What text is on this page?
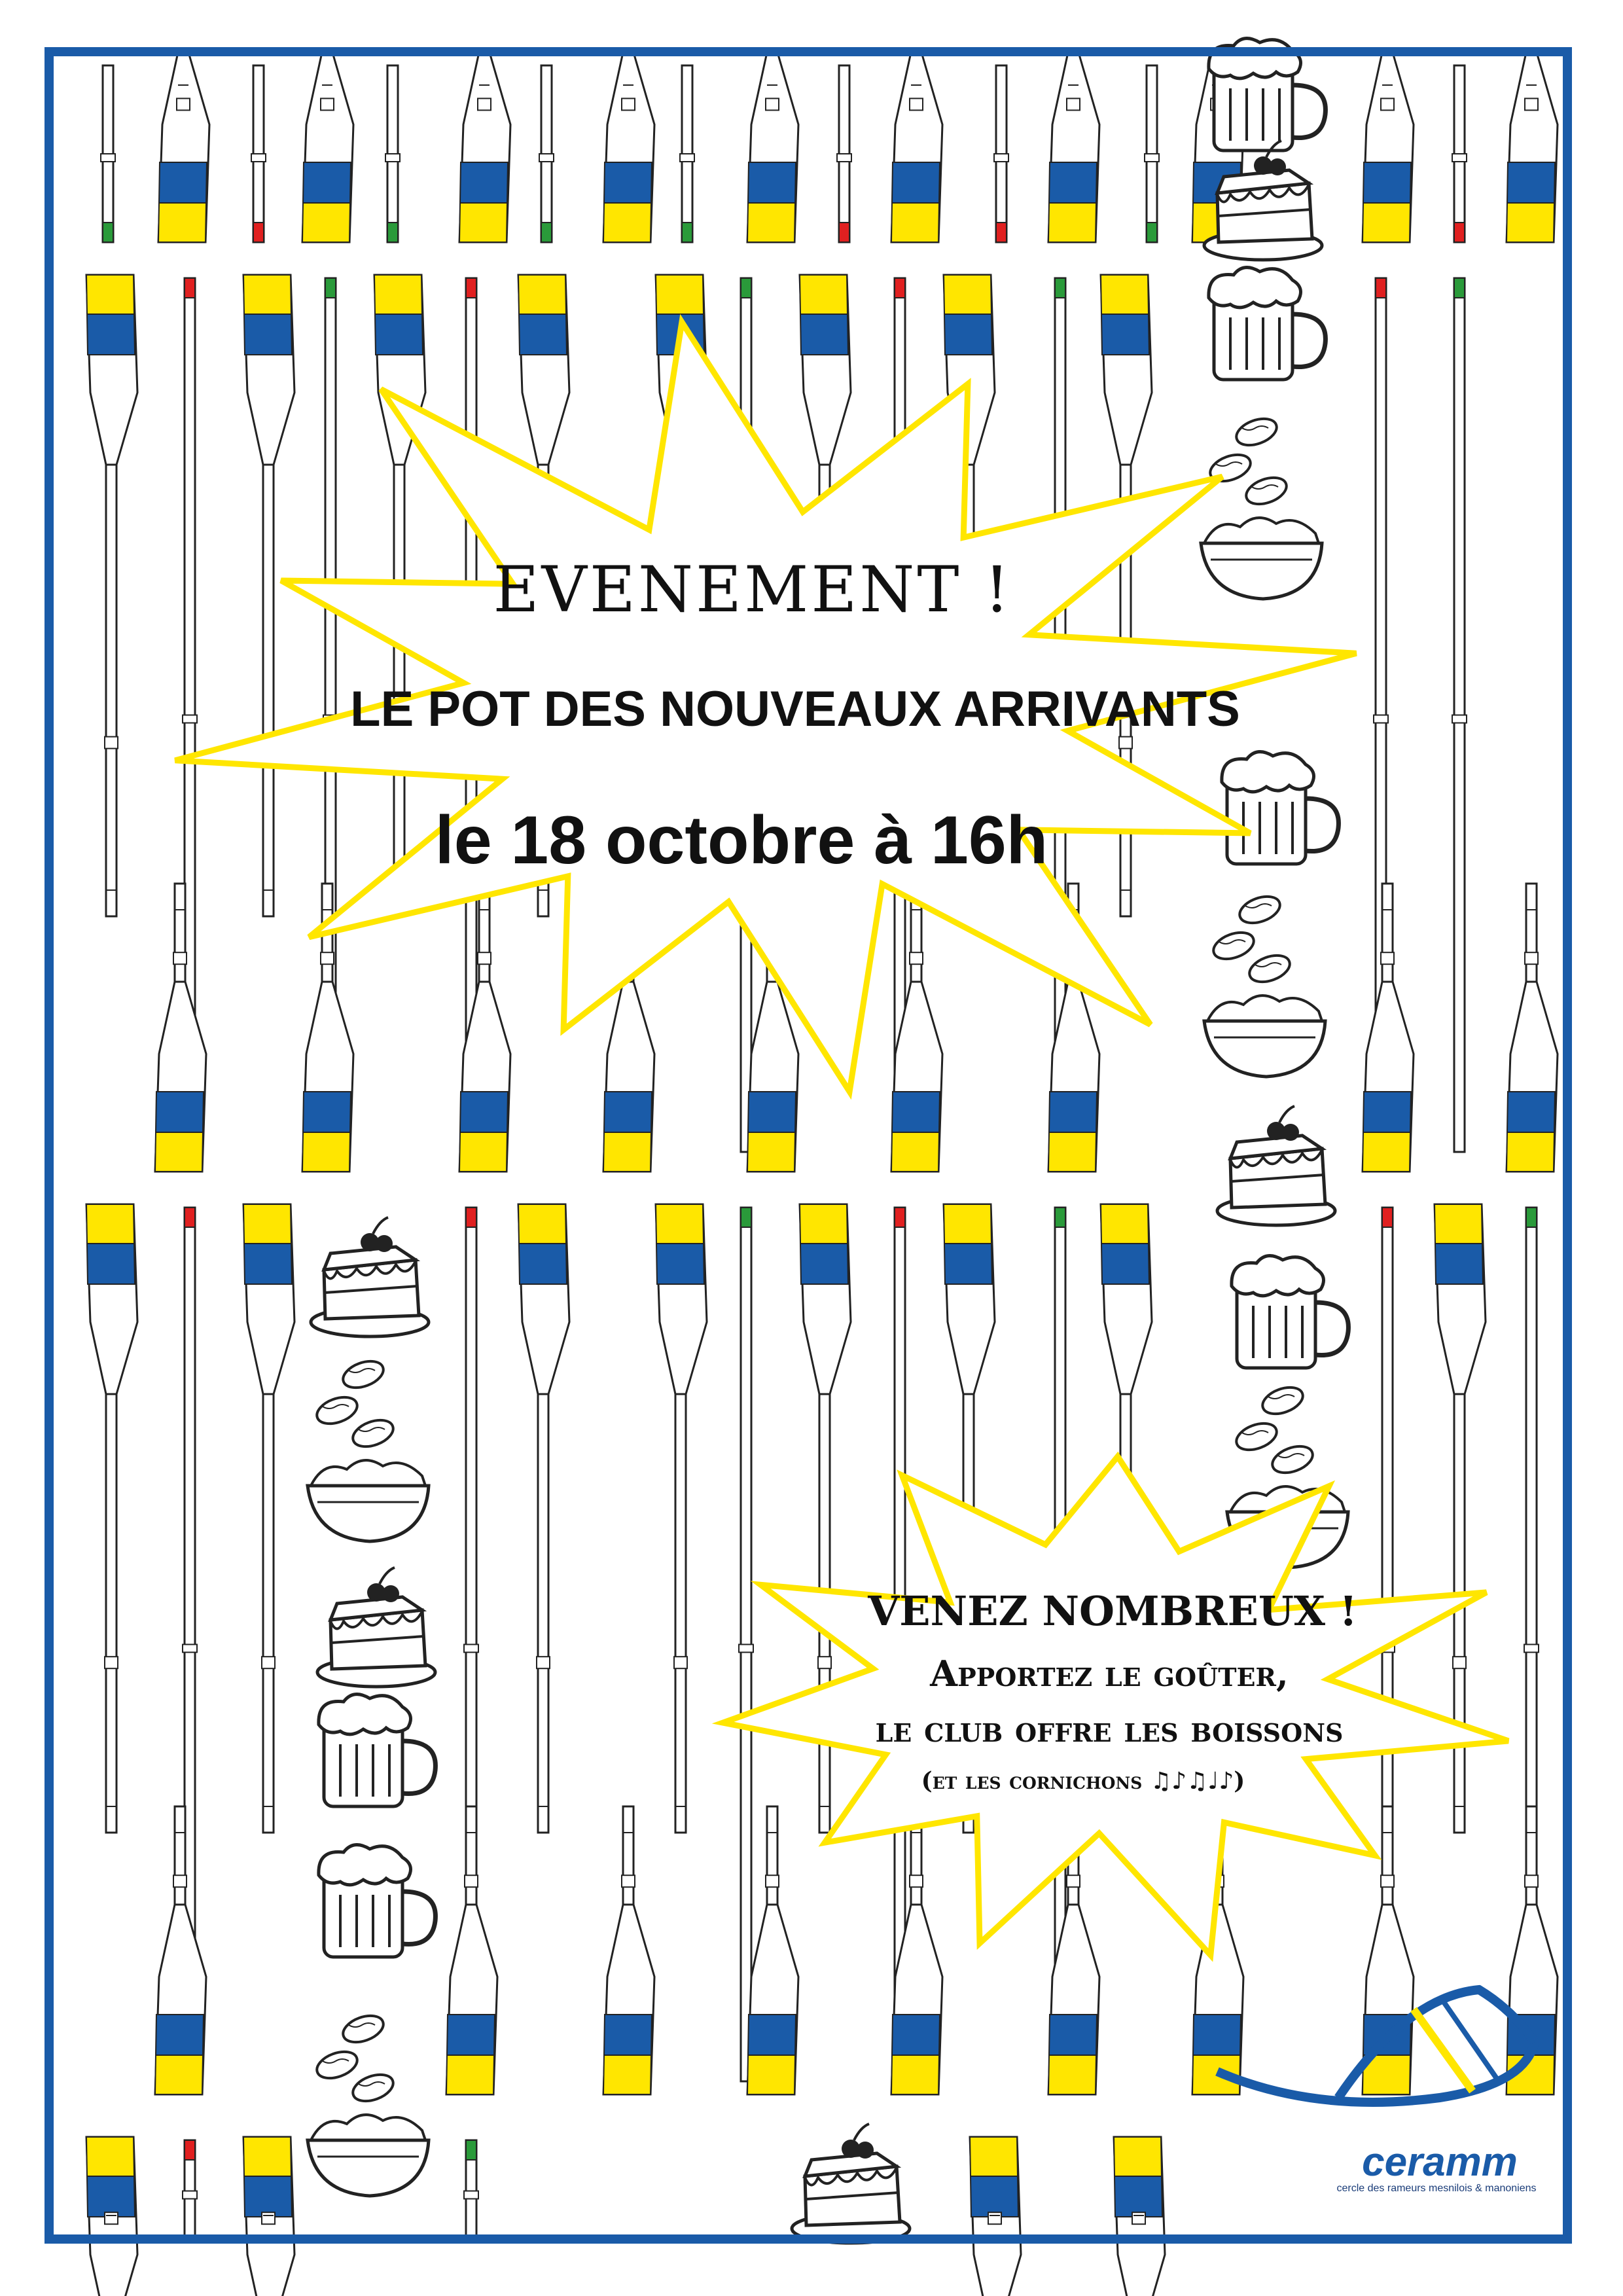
EVENEMENT !
LE POT DES NOUVEAUX ARRIVANTS
le 18 octobre à 16h
VENEZ NOMBREUX !
Apportez le goûter,
le club offre les boissons
(et les cornichons ♫♪♫♩♪)
ceramm
cercle des rameurs mesnilois & manoniens
